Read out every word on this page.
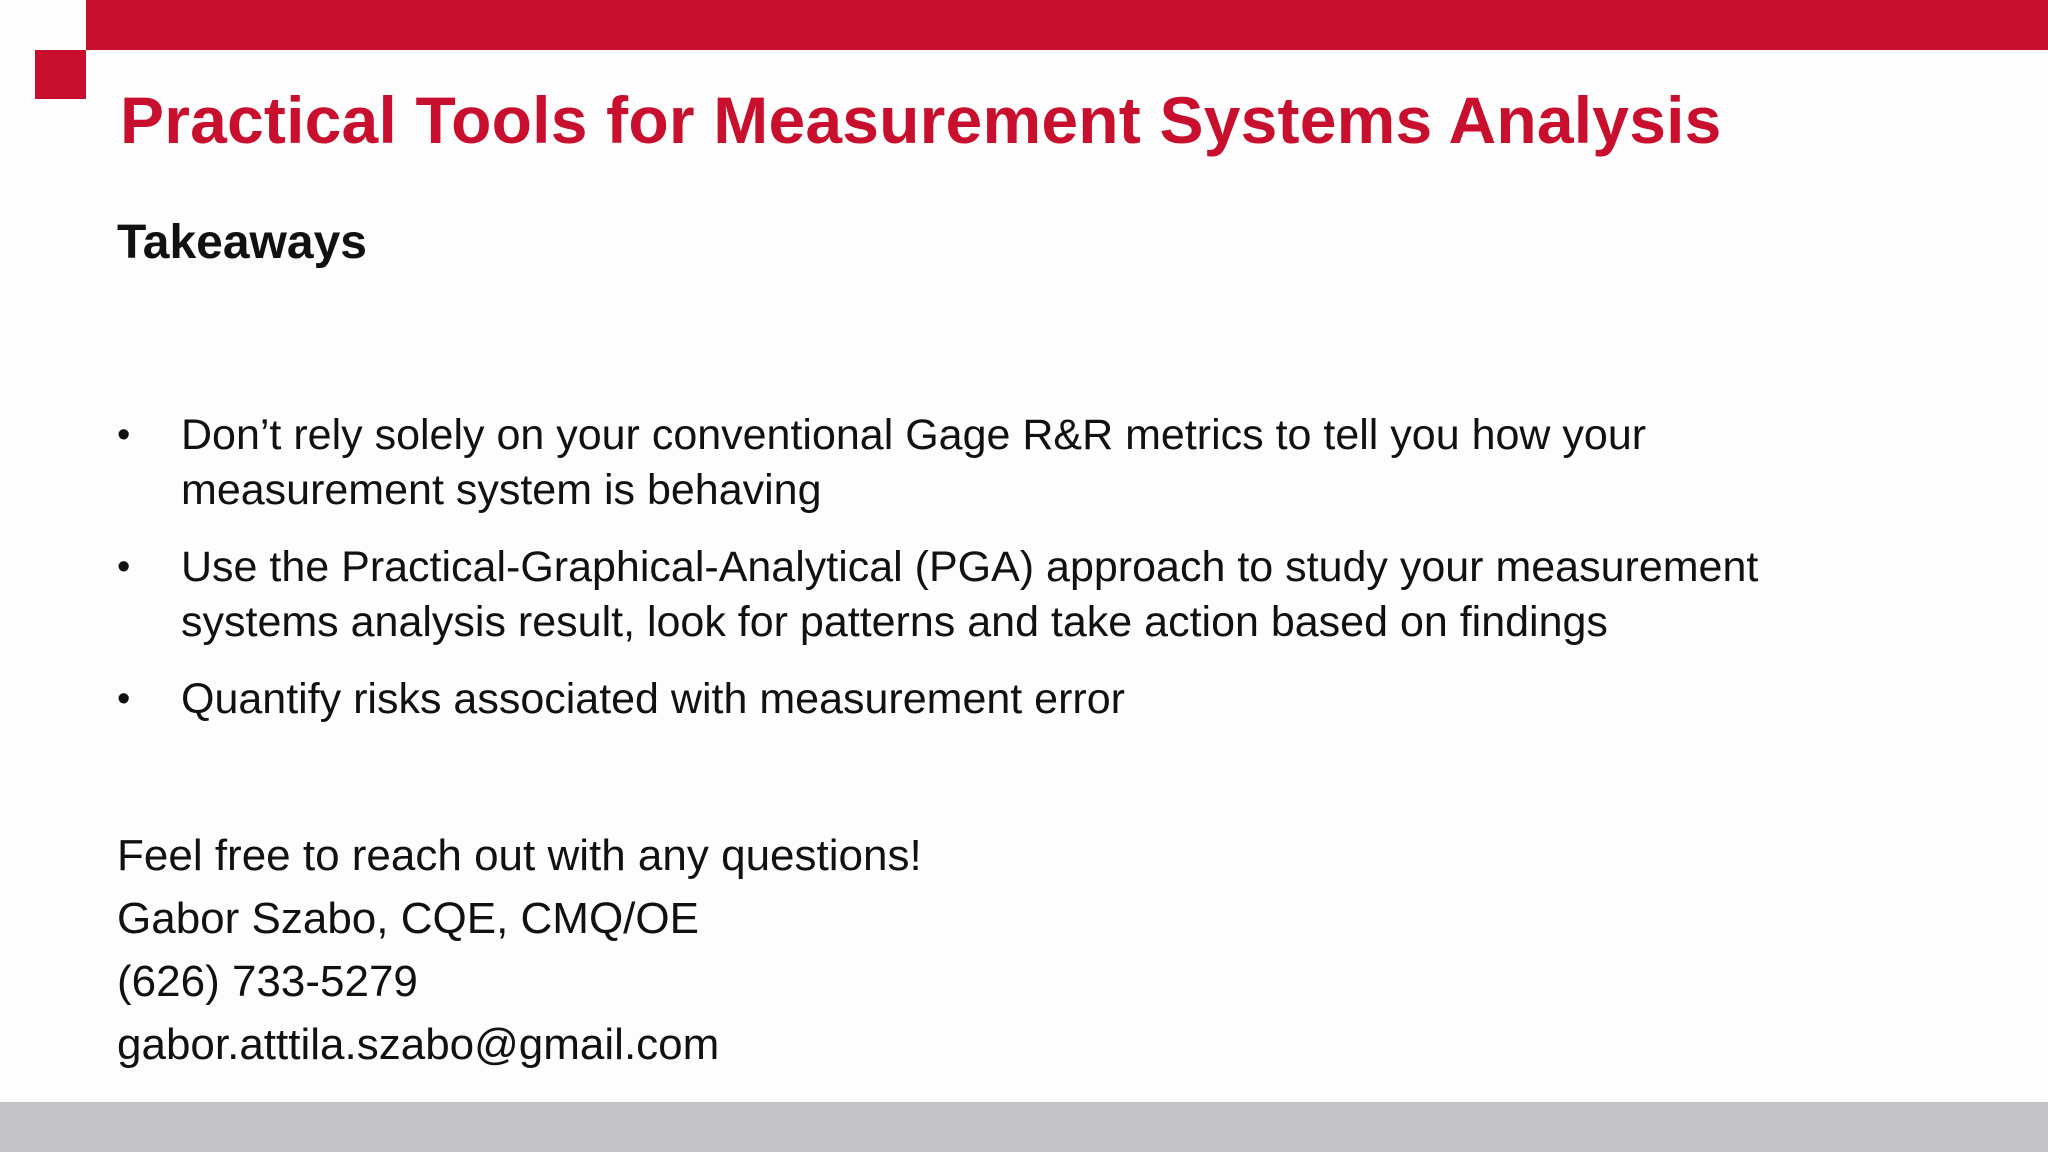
Practical Tools for Measurement Systems Analysis
Takeaways
•	Don’t rely solely on your conventional Gage R&R metrics to tell you how your measurement system is behaving
•	Use the Practical-Graphical-Analytical (PGA) approach to study your measurement systems analysis result, look for patterns and take action based on findings
•	Quantify risks associated with measurement error
Feel free to reach out with any questions!
Gabor Szabo, CQE, CMQ/OE
(626) 733-5279
gabor.atttila.szabo@gmail.com
